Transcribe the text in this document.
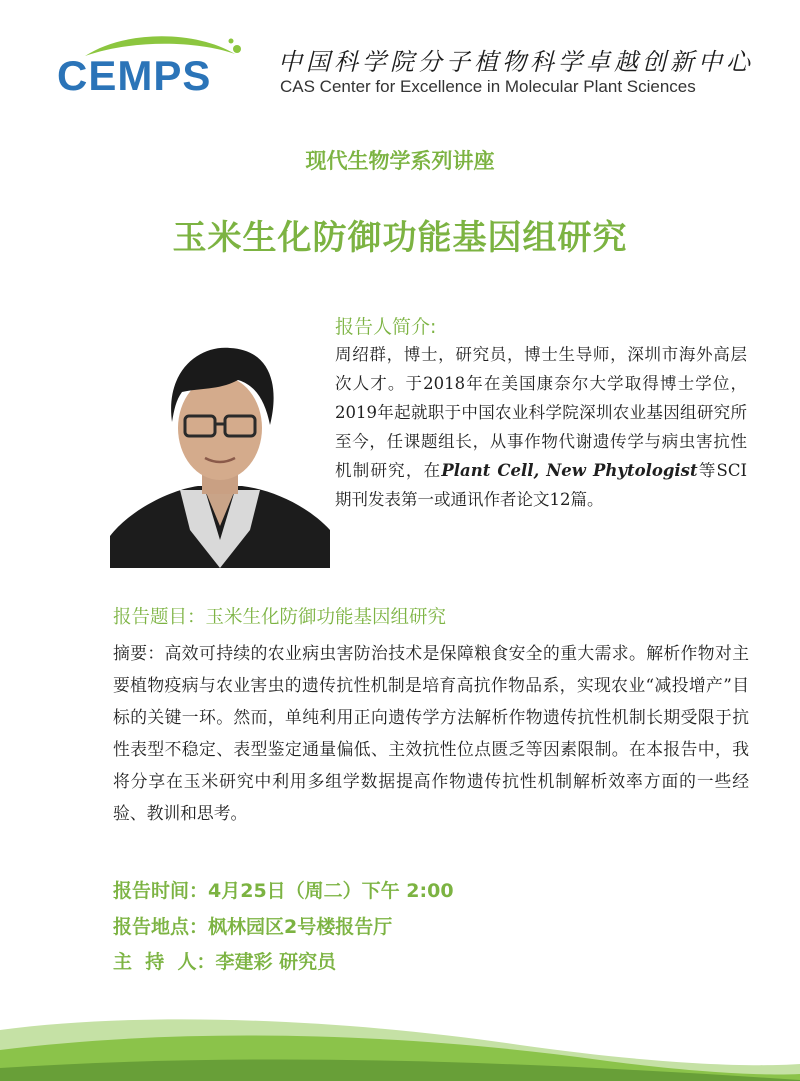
CEMPS	中国科学院分子植物科学卓越创新中心
CAS Center for Excellence in Molecular Plant Sciences
现代生物学系列讲座
玉米生化防御功能基因组研究
报告人简介:
周绍群，博士，研究员，博士生导师，深圳市海外高层次人才。于2018年在美国康奈尔大学取得博士学位，2019年起就职于中国农业科学院深圳农业基因组研究所至今，任课题组长，从事作物代谢遗传学与病虫害抗性机制研究，在Plant Cell, New Phytologist等SCI期刊发表第一或通讯作者论文12篇。
报告题目：玉米生化防御功能基因组研究
摘要：高效可持续的农业病虫害防治技术是保障粮食安全的重大需求。解析作物对主要植物疫病与农业害虫的遗传抗性机制是培育高抗作物品系，实现农业“减投增产”目标的关键一环。然而，单纯利用正向遗传学方法解析作物遗传抗性机制长期受限于抗性表型不稳定、表型鉴定通量偏低、主效抗性位点匮乏等因素限制。在本报告中，我将分享在玉米研究中利用多组学数据提高作物遗传抗性机制解析效率方面的一些经验、教训和思考。
报告时间：4月25日（周二）下午 2:00
报告地点：枫林园区2号楼报告厅
主  持  人：李建彩 研究员
